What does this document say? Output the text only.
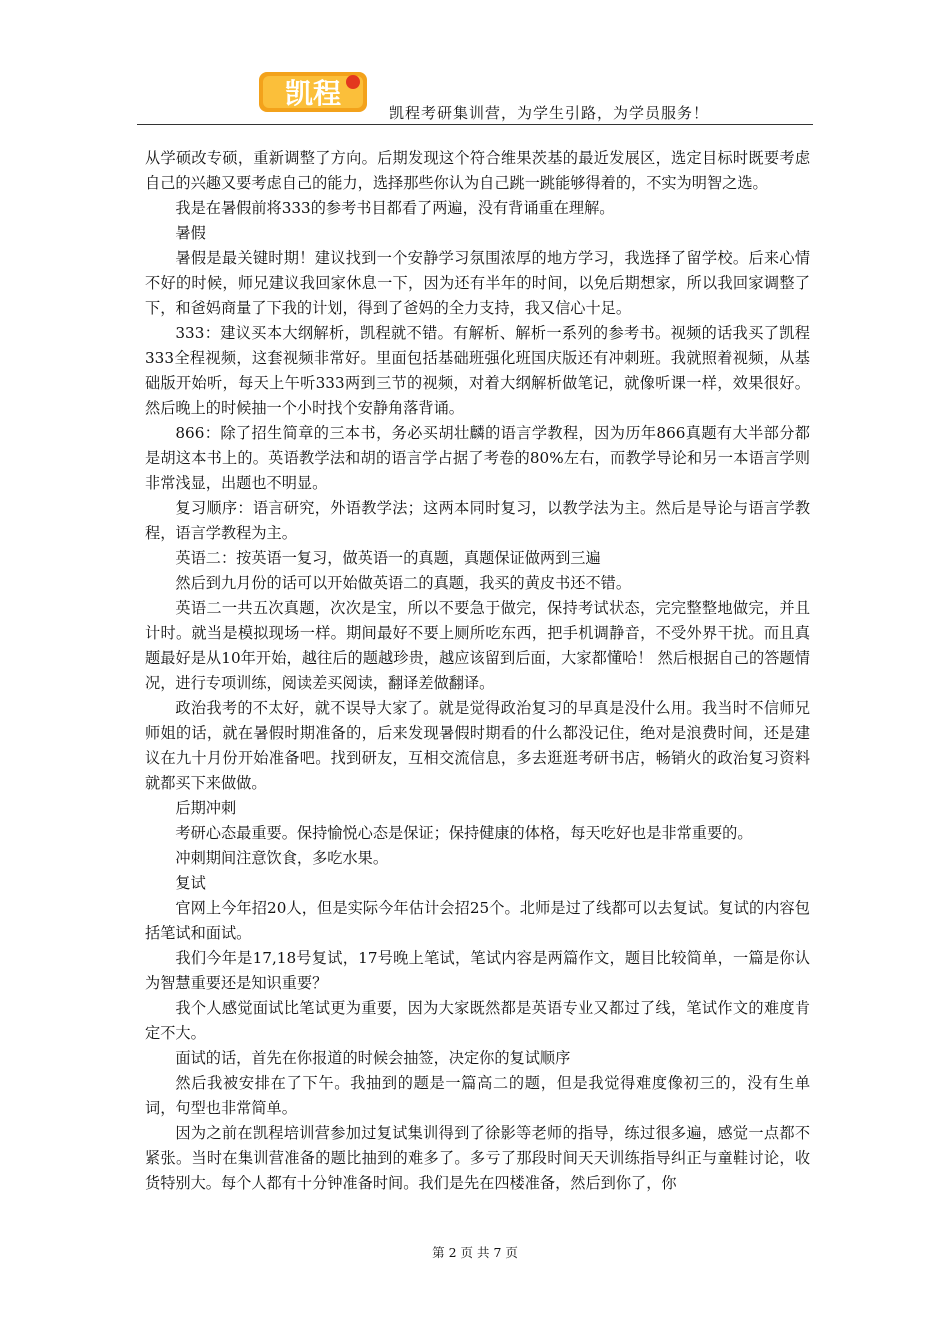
凯程
凯程考研集训营，为学生引路，为学员服务！

从学硕改专硕，重新调整了方向。后期发现这个符合维果茨基的最近发展区，选定目标时既要考虑自己的兴趣又要考虑自己的能力，选择那些你认为自己跳一跳能够得着的，不实为明智之选。

我是在暑假前将333的参考书目都看了两遍，没有背诵重在理解。

暑假

暑假是最关键时期！建议找到一个安静学习氛围浓厚的地方学习，我选择了留学校。后来心情不好的时候，师兄建议我回家休息一下，因为还有半年的时间，以免后期想家，所以我回家调整了下，和爸妈商量了下我的计划，得到了爸妈的全力支持，我又信心十足。

333：建议买本大纲解析，凯程就不错。有解析、解析一系列的参考书。视频的话我买了凯程333全程视频，这套视频非常好。里面包括基础班强化班国庆版还有冲刺班。我就照着视频，从基础版开始听，每天上午听333两到三节的视频，对着大纲解析做笔记，就像听课一样，效果很好。然后晚上的时候抽一个小时找个安静角落背诵。

866：除了招生简章的三本书，务必买胡壮麟的语言学教程，因为历年866真题有大半部分都是胡这本书上的。英语教学法和胡的语言学占据了考卷的80%左右，而教学导论和另一本语言学则非常浅显，出题也不明显。

复习顺序：语言研究，外语教学法；这两本同时复习，以教学法为主。然后是导论与语言学教程，语言学教程为主。

英语二：按英语一复习，做英语一的真题，真题保证做两到三遍

然后到九月份的话可以开始做英语二的真题，我买的黄皮书还不错。

英语二一共五次真题，次次是宝，所以不要急于做完，保持考试状态，完完整整地做完，并且计时。就当是模拟现场一样。期间最好不要上厕所吃东西，把手机调静音，不受外界干扰。而且真题最好是从10年开始，越往后的题越珍贵，越应该留到后面，大家都懂哈！ 然后根据自己的答题情况，进行专项训练，阅读差买阅读，翻译差做翻译。

政治我考的不太好，就不误导大家了。就是觉得政治复习的早真是没什么用。我当时不信师兄师姐的话，就在暑假时期准备的，后来发现暑假时期看的什么都没记住，绝对是浪费时间，还是建议在九十月份开始准备吧。找到研友，互相交流信息，多去逛逛考研书店，畅销火的政治复习资料就都买下来做做。

后期冲刺

考研心态最重要。保持愉悦心态是保证；保持健康的体格，每天吃好也是非常重要的。

冲刺期间注意饮食，多吃水果。

复试

官网上今年招20人，但是实际今年估计会招25个。北师是过了线都可以去复试。复试的内容包括笔试和面试。

我们今年是17,18号复试，17号晚上笔试，笔试内容是两篇作文，题目比较简单，一篇是你认为智慧重要还是知识重要？

我个人感觉面试比笔试更为重要，因为大家既然都是英语专业又都过了线，笔试作文的难度肯定不大。

面试的话，首先在你报道的时候会抽签，决定你的复试顺序

然后我被安排在了下午。我抽到的题是一篇高二的题，但是我觉得难度像初三的，没有生单词，句型也非常简单。

因为之前在凯程培训营参加过复试集训得到了徐影等老师的指导，练过很多遍，感觉一点都不紧张。当时在集训营准备的题比抽到的难多了。多亏了那段时间天天训练指导纠正与童鞋讨论，收货特别大。每个人都有十分钟准备时间。我们是先在四楼准备，然后到你了，你

第 2 页 共 7 页
